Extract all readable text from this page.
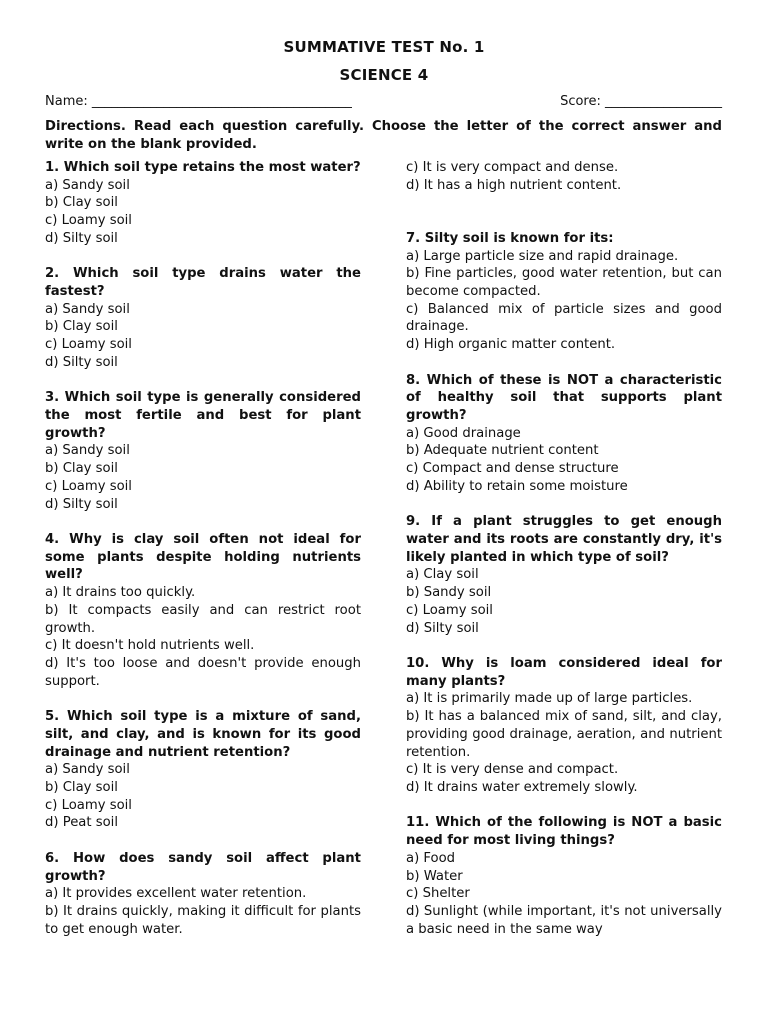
SUMMATIVE TEST No. 1
SCIENCE 4
Name: ________________________________________	Score: __________________
Directions. Read each question carefully. Choose the letter of the correct answer and write on the blank provided.
1. Which soil type retains the most water?
a) Sandy soil
b) Clay soil
c) Loamy soil
d) Silty soil
2. Which soil type drains water the fastest?
a) Sandy soil
b) Clay soil
c) Loamy soil
d) Silty soil
3. Which soil type is generally considered the most fertile and best for plant growth?
a) Sandy soil
b) Clay soil
c) Loamy soil
d) Silty soil
4. Why is clay soil often not ideal for some plants despite holding nutrients well?
a) It drains too quickly.
b) It compacts easily and can restrict root growth.
c) It doesn't hold nutrients well.
d) It's too loose and doesn't provide enough support.
5. Which soil type is a mixture of sand, silt, and clay, and is known for its good drainage and nutrient retention?
a) Sandy soil
b) Clay soil
c) Loamy soil
d) Peat soil
6. How does sandy soil affect plant growth?
a) It provides excellent water retention.
b) It drains quickly, making it difficult for plants to get enough water.
c) It is very compact and dense.
d) It has a high nutrient content.
7. Silty soil is known for its:
a) Large particle size and rapid drainage.
b) Fine particles, good water retention, but can become compacted.
c) Balanced mix of particle sizes and good drainage.
d) High organic matter content.
8. Which of these is NOT a characteristic of healthy soil that supports plant growth?
a) Good drainage
b) Adequate nutrient content
c) Compact and dense structure
d) Ability to retain some moisture
9. If a plant struggles to get enough water and its roots are constantly dry, it's likely planted in which type of soil?
a) Clay soil
b) Sandy soil
c) Loamy soil
d) Silty soil
10. Why is loam considered ideal for many plants?
a) It is primarily made up of large particles.
b) It has a balanced mix of sand, silt, and clay, providing good drainage, aeration, and nutrient retention.
c) It is very dense and compact.
d) It drains water extremely slowly.
11. Which of the following is NOT a basic need for most living things?
a) Food
b) Water
c) Shelter
d) Sunlight (while important, it's not universally a basic need in the same way
